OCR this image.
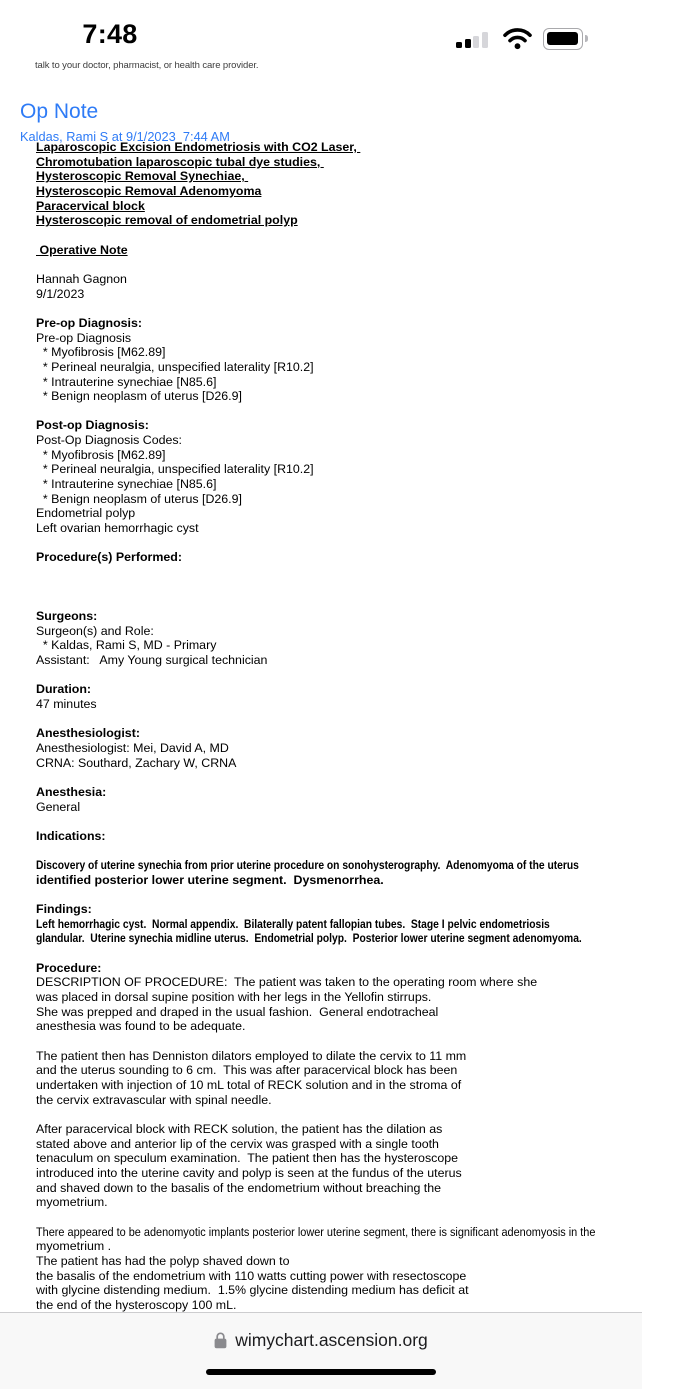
7:48
talk to your doctor, pharmacist, or health care provider.
Op Note
Kaldas, Rami S at 9/1/2023  7:44 AM
Laparoscopic Excision Endometriosis with CO2 Laser,
Chromotubation laparoscopic tubal dye studies,
Hysteroscopic Removal Synechiae,
Hysteroscopic Removal Adenomyoma
Paracervical block
Hysteroscopic removal of endometrial polyp
Operative Note
Hannah Gagnon
9/1/2023
Pre-op Diagnosis:
Pre-op Diagnosis
* Myofibrosis [M62.89]
* Perineal neuralgia, unspecified laterality [R10.2]
* Intrauterine synechiae [N85.6]
* Benign neoplasm of uterus [D26.9]
Post-op Diagnosis:
Post-Op Diagnosis Codes:
* Myofibrosis [M62.89]
* Perineal neuralgia, unspecified laterality [R10.2]
* Intrauterine synechiae [N85.6]
* Benign neoplasm of uterus [D26.9]
Endometrial polyp
Left ovarian hemorrhagic cyst
Procedure(s) Performed:
Surgeons:
Surgeon(s) and Role:
* Kaldas, Rami S, MD - Primary
Assistant:   Amy Young surgical technician
Duration:
47 minutes
Anesthesiologist:
Anesthesiologist: Mei, David A, MD
CRNA: Southard, Zachary W, CRNA
Anesthesia:
General
Indications:
Discovery of uterine synechia from prior uterine procedure on sonohysterography.  Adenomyoma of the uterus
identified posterior lower uterine segment.  Dysmenorrhea.
Findings:
Left hemorrhagic cyst.  Normal appendix.  Bilaterally patent fallopian tubes.  Stage I pelvic endometriosis
glandular.  Uterine synechia midline uterus.  Endometrial polyp.  Posterior lower uterine segment adenomyoma.
Procedure:
DESCRIPTION OF PROCEDURE:  The patient was taken to the operating room where she
was placed in dorsal supine position with her legs in the Yellofin stirrups.
She was prepped and draped in the usual fashion.  General endotracheal
anesthesia was found to be adequate.
The patient then has Denniston dilators employed to dilate the cervix to 11 mm
and the uterus sounding to 6 cm.  This was after paracervical block has been
undertaken with injection of 10 mL total of RECK solution and in the stroma of
the cervix extravascular with spinal needle.
After paracervical block with RECK solution, the patient has the dilation as
stated above and anterior lip of the cervix was grasped with a single tooth
tenaculum on speculum examination.  The patient then has the hysteroscope
introduced into the uterine cavity and polyp is seen at the fundus of the uterus
and shaved down to the basalis of the endometrium without breaching the
myometrium.
There appeared to be adenomyotic implants posterior lower uterine segment, there is significant adenomyosis in the
myometrium .
The patient has had the polyp shaved down to
the basalis of the endometrium with 110 watts cutting power with resectoscope
with glycine distending medium.  1.5% glycine distending medium has deficit at
the end of the hysteroscopy 100 mL.
wimychart.ascension.org
